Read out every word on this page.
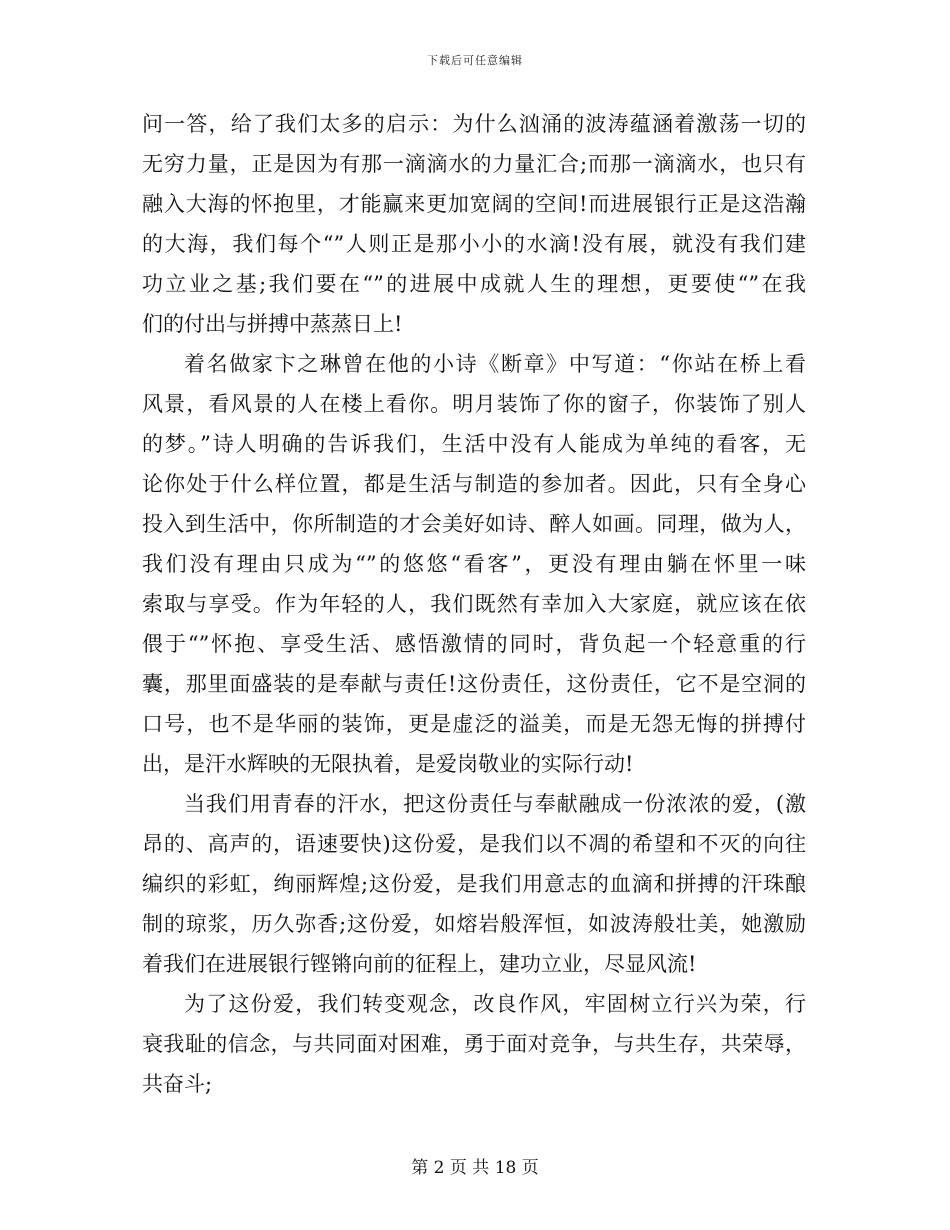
下载后可任意编辑
问一答，给了我们太多的启示：为什么汹涌的波涛蕴涵着激荡一切的
无穷力量，正是因为有那一滴滴水的力量汇合;而那一滴滴水，也只有
融入大海的怀抱里，才能赢来更加宽阔的空间!而进展银行正是这浩瀚
的大海，我们每个“”人则正是那小小的水滴!没有展，就没有我们建
功立业之基;我们要在“”的进展中成就人生的理想，更要使“”在我
们的付出与拼搏中蒸蒸日上!
着名做家卞之琳曾在他的小诗《断章》中写道：“你站在桥上看
风景，看风景的人在楼上看你。明月装饰了你的窗子，你装饰了别人
的梦。”诗人明确的告诉我们，生活中没有人能成为单纯的看客，无
论你处于什么样位置，都是生活与制造的参加者。因此，只有全身心
投入到生活中，你所制造的才会美好如诗、醉人如画。同理，做为人，
我们没有理由只成为“”的悠悠“看客”，更没有理由躺在怀里一味
索取与享受。作为年轻的人，我们既然有幸加入大家庭，就应该在依
偎于“”怀抱、享受生活、感悟激情的同时，背负起一个轻意重的行
囊，那里面盛装的是奉献与责任!这份责任，这份责任，它不是空洞的
口号，也不是华丽的装饰，更是虚泛的溢美，而是无怨无悔的拼搏付
出，是汗水辉映的无限执着，是爱岗敬业的实际行动!
当我们用青春的汗水，把这份责任与奉献融成一份浓浓的爱，(激
昂的、高声的，语速要快)这份爱，是我们以不凋的希望和不灭的向往
编织的彩虹，绚丽辉煌;这份爱，是我们用意志的血滴和拼搏的汗珠酿
制的琼浆，历久弥香;这份爱，如熔岩般浑恒，如波涛般壮美，她激励
着我们在进展银行铿锵向前的征程上，建功立业，尽显风流!
为了这份爱，我们转变观念，改良作风，牢固树立行兴为荣，行
衰我耻的信念，与共同面对困难，勇于面对竞争，与共生存，共荣辱，
共奋斗;
第 2 页 共 18 页
